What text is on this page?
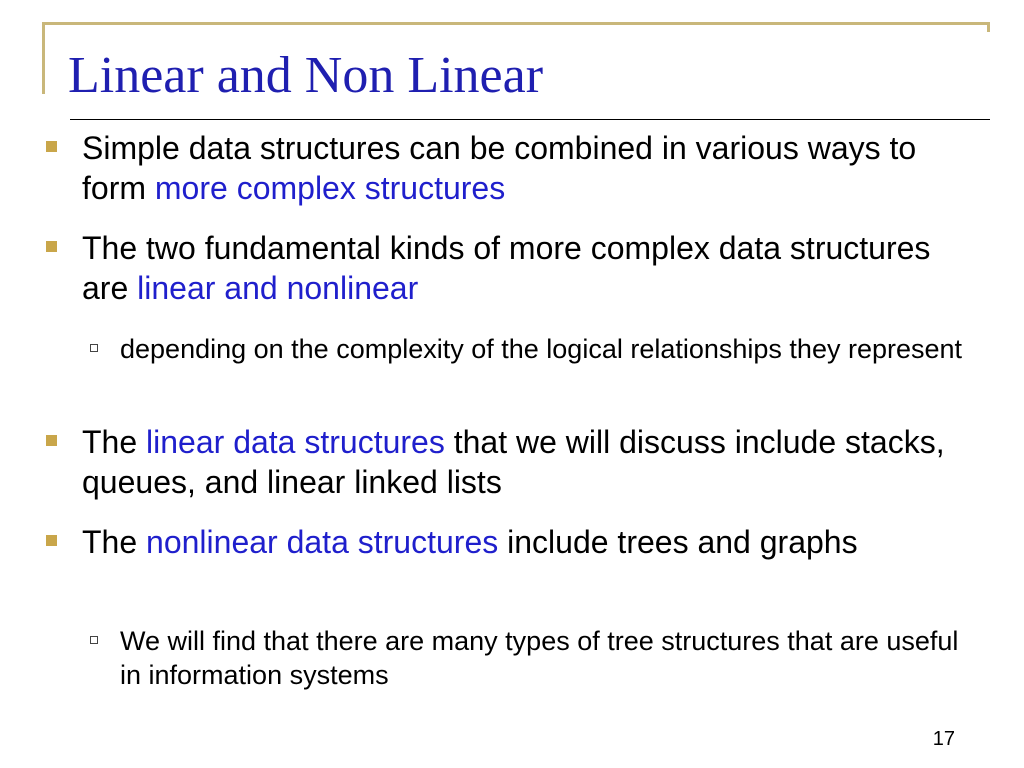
Linear and Non Linear
Simple data structures can be combined in various ways to form more complex structures
The two fundamental kinds of more complex data structures are linear and nonlinear
depending on the complexity of the logical relationships they represent
The linear data structures that we will discuss include stacks, queues, and linear linked lists
The nonlinear data structures include trees and graphs
We will find that there are many types of tree structures that are useful in information systems
17
